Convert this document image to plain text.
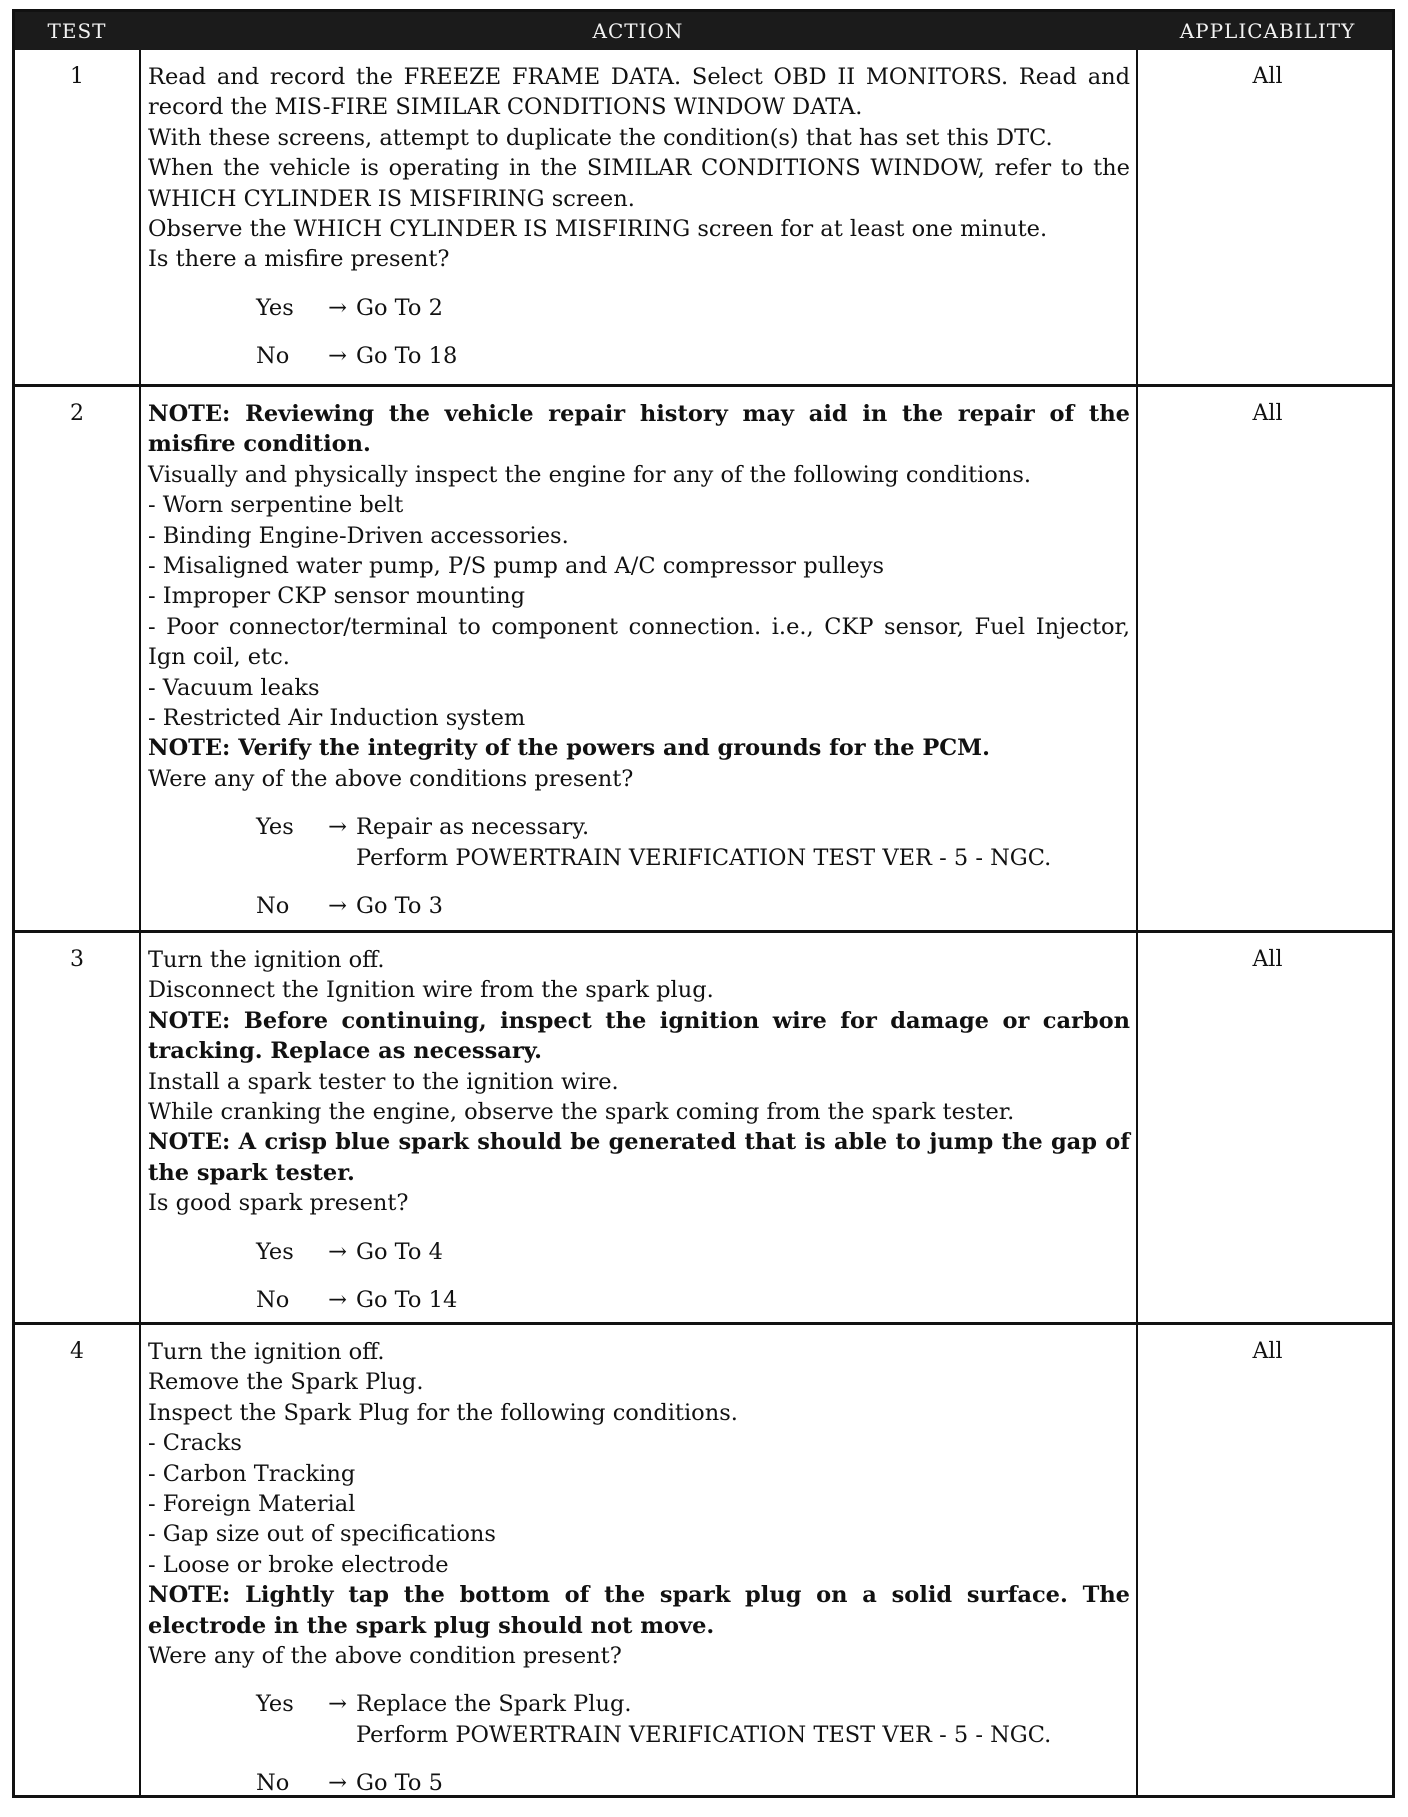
TEST	ACTION	APPLICABILITY
1	Read and record the FREEZE FRAME DATA. Select OBD II MONITORS. Read and record the MIS-FIRE SIMILAR CONDITIONS WINDOW DATA.

With these screens, attempt to duplicate the condition(s) that has set this DTC.

When the vehicle is operating in the SIMILAR CONDITIONS WINDOW, refer to the WHICH CYLINDER IS MISFIRING screen.

Observe the WHICH CYLINDER IS MISFIRING screen for at least one minute.

Is there a misfire present?

Yes	→ Go To 2
No	→ Go To 18
All
2	NOTE: Reviewing the vehicle repair history may aid in the repair of the misfire condition.

Visually and physically inspect the engine for any of the following conditions.

- Worn serpentine belt

- Binding Engine-Driven accessories.

- Misaligned water pump, P/S pump and A/C compressor pulleys

- Improper CKP sensor mounting

- Poor connector/terminal to component connection. i.e., CKP sensor, Fuel Injector, Ign coil, etc.

- Vacuum leaks

- Restricted Air Induction system

NOTE: Verify the integrity of the powers and grounds for the PCM.

Were any of the above conditions present?

Yes	→ Repair as necessary.
Perform POWERTRAIN VERIFICATION TEST VER - 5 - NGC.
No	→ Go To 3
All
3	Turn the ignition off.

Disconnect the Ignition wire from the spark plug.

NOTE: Before continuing, inspect the ignition wire for damage or carbon tracking. Replace as necessary.

Install a spark tester to the ignition wire.

While cranking the engine, observe the spark coming from the spark tester.

NOTE: A crisp blue spark should be generated that is able to jump the gap of the spark tester.

Is good spark present?

Yes	→ Go To 4
No	→ Go To 14
All
4	Turn the ignition off.

Remove the Spark Plug.

Inspect the Spark Plug for the following conditions.

- Cracks

- Carbon Tracking

- Foreign Material

- Gap size out of specifications

- Loose or broke electrode

NOTE: Lightly tap the bottom of the spark plug on a solid surface. The electrode in the spark plug should not move.

Were any of the above condition present?

Yes	→ Replace the Spark Plug.
Perform POWERTRAIN VERIFICATION TEST VER - 5 - NGC.
No	→ Go To 5
All
